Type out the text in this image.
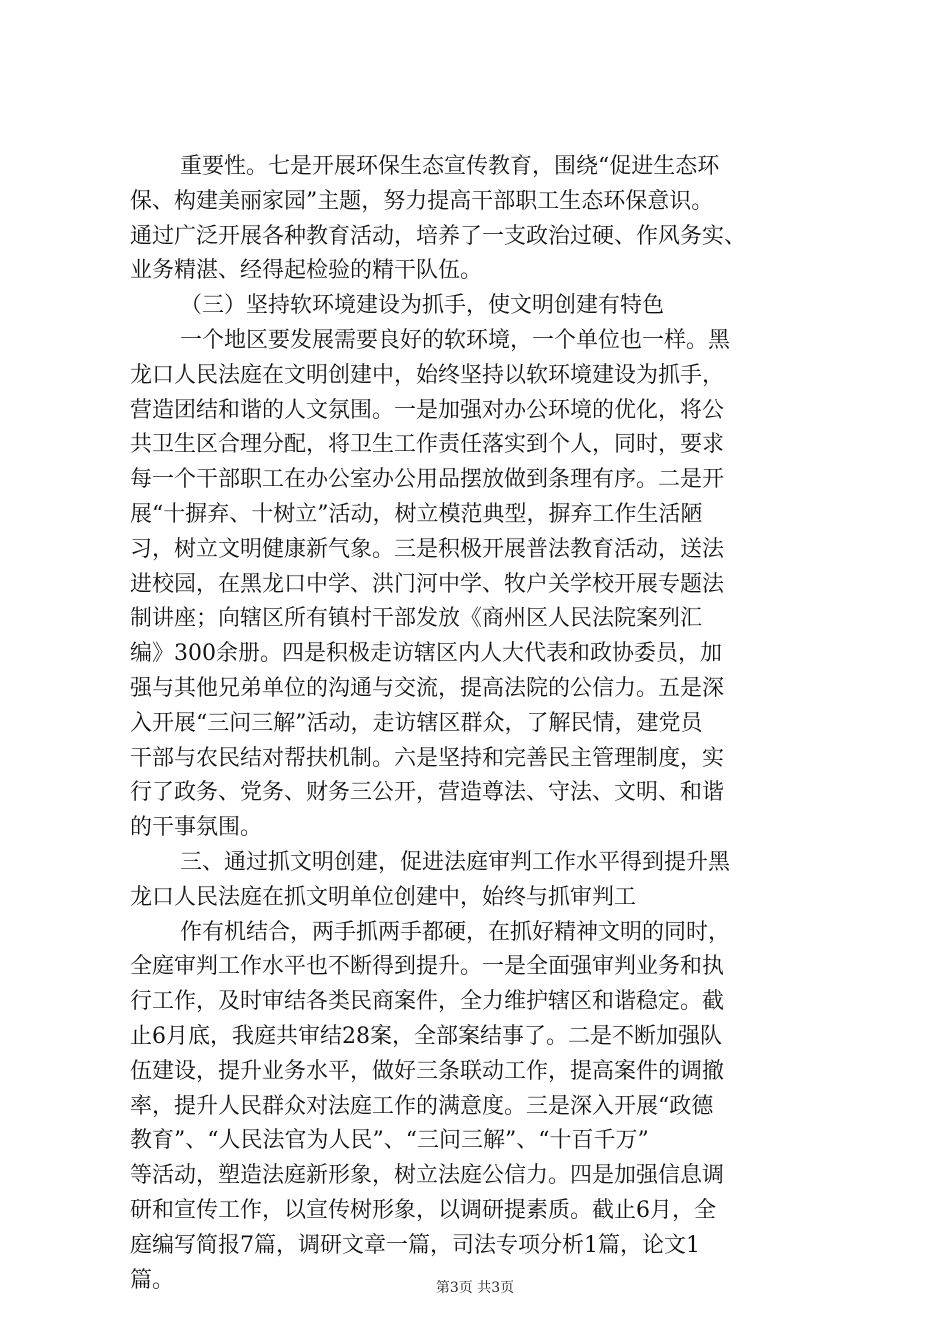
重要性。七是开展环保生态宣传教育，围绕“促进生态环
保、构建美丽家园”主题，努力提高干部职工生态环保意识。
通过广泛开展各种教育活动，培养了一支政治过硬、作风务实、
业务精湛、经得起检验的精干队伍。
（三）坚持软环境建设为抓手，使文明创建有特色
一个地区要发展需要良好的软环境，一个单位也一样。黑
龙口人民法庭在文明创建中，始终坚持以软环境建设为抓手，
营造团结和谐的人文氛围。一是加强对办公环境的优化，将公
共卫生区合理分配，将卫生工作责任落实到个人，同时，要求
每一个干部职工在办公室办公用品摆放做到条理有序。二是开
展“十摒弃、十树立”活动，树立模范典型，摒弃工作生活陋
习，树立文明健康新气象。三是积极开展普法教育活动，送法
进校园，在黑龙口中学、洪门河中学、牧户关学校开展专题法
制讲座；向辖区所有镇村干部发放《商州区人民法院案列汇
编》300余册。四是积极走访辖区内人大代表和政协委员，加
强与其他兄弟单位的沟通与交流，提高法院的公信力。五是深
入开展“三问三解”活动，走访辖区群众，了解民情，建党员
干部与农民结对帮扶机制。六是坚持和完善民主管理制度，实
行了政务、党务、财务三公开，营造尊法、守法、文明、和谐
的干事氛围。
三、通过抓文明创建，促进法庭审判工作水平得到提升黑
龙口人民法庭在抓文明单位创建中，始终与抓审判工
作有机结合，两手抓两手都硬，在抓好精神文明的同时，
全庭审判工作水平也不断得到提升。一是全面强审判业务和执
行工作，及时审结各类民商案件，全力维护辖区和谐稳定。截
止6月底，我庭共审结28案，全部案结事了。二是不断加强队
伍建设，提升业务水平，做好三条联动工作，提高案件的调撤
率，提升人民群众对法庭工作的满意度。三是深入开展“政德
教育”、“人民法官为人民”、“三问三解”、“十百千万”
等活动，塑造法庭新形象，树立法庭公信力。四是加强信息调
研和宣传工作，以宣传树形象，以调研提素质。截止6月，全
庭编写简报7篇，调研文章一篇，司法专项分析1篇，论文1
篇。	第3页 共3页
